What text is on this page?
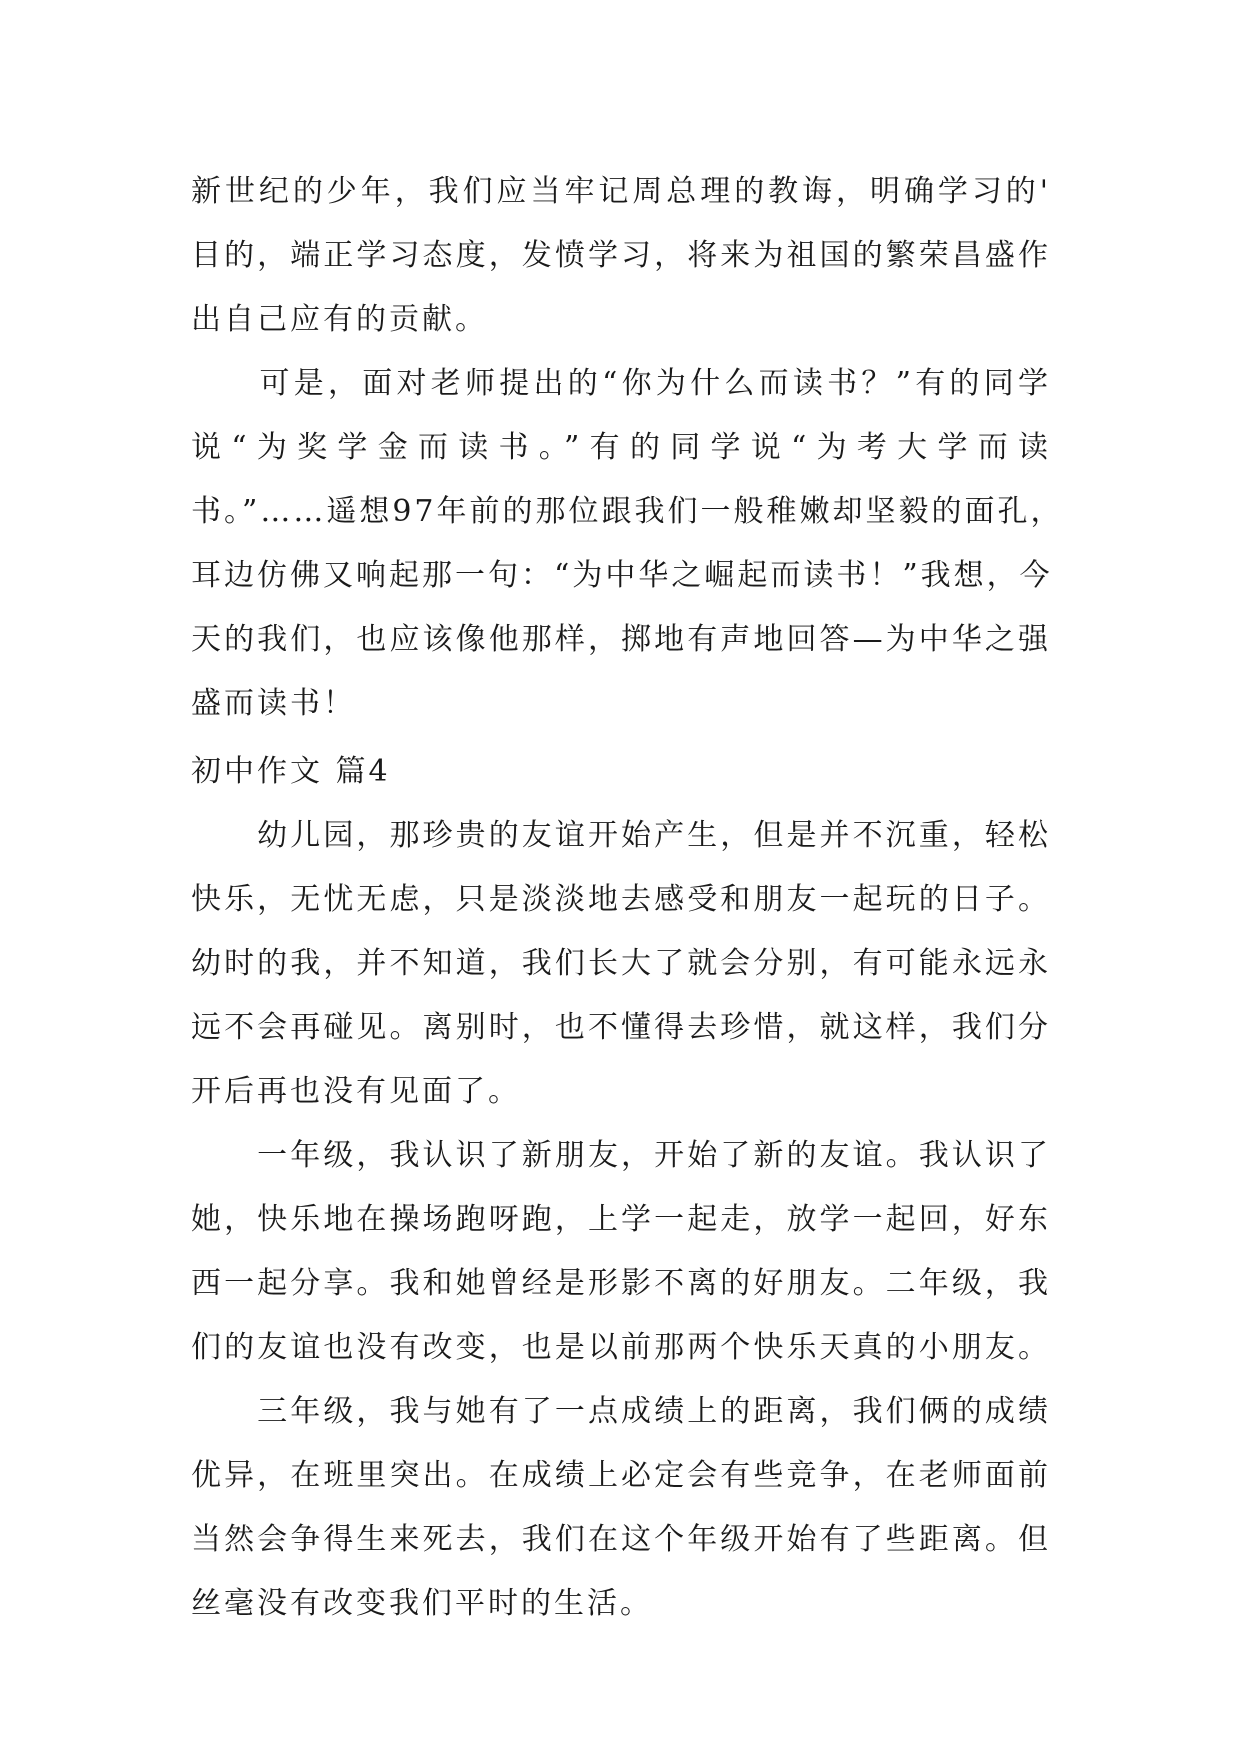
新世纪的少年，我们应当牢记周总理的教诲，明确学习的'
目的，端正学习态度，发愤学习，将来为祖国的繁荣昌盛作
出自己应有的贡献。
　　可是，面对老师提出的“你为什么而读书？”有的同学
说“为奖学金而读书。”有的同学说“为考大学而读
书。”……遥想97年前的那位跟我们一般稚嫩却坚毅的面孔，
耳边仿佛又响起那一句：“为中华之崛起而读书！”我想，今
天的我们，也应该像他那样，掷地有声地回答—为中华之强
盛而读书！
初中作文 篇4
　　幼儿园，那珍贵的友谊开始产生，但是并不沉重，轻松
快乐，无忧无虑，只是淡淡地去感受和朋友一起玩的日子。
幼时的我，并不知道，我们长大了就会分别，有可能永远永
远不会再碰见。离别时，也不懂得去珍惜，就这样，我们分
开后再也没有见面了。
　　一年级，我认识了新朋友，开始了新的友谊。我认识了
她，快乐地在操场跑呀跑，上学一起走，放学一起回，好东
西一起分享。我和她曾经是形影不离的好朋友。二年级，我
们的友谊也没有改变，也是以前那两个快乐天真的小朋友。
　　三年级，我与她有了一点成绩上的距离，我们俩的成绩
优异，在班里突出。在成绩上必定会有些竞争，在老师面前
当然会争得生来死去，我们在这个年级开始有了些距离。但
丝毫没有改变我们平时的生活。
